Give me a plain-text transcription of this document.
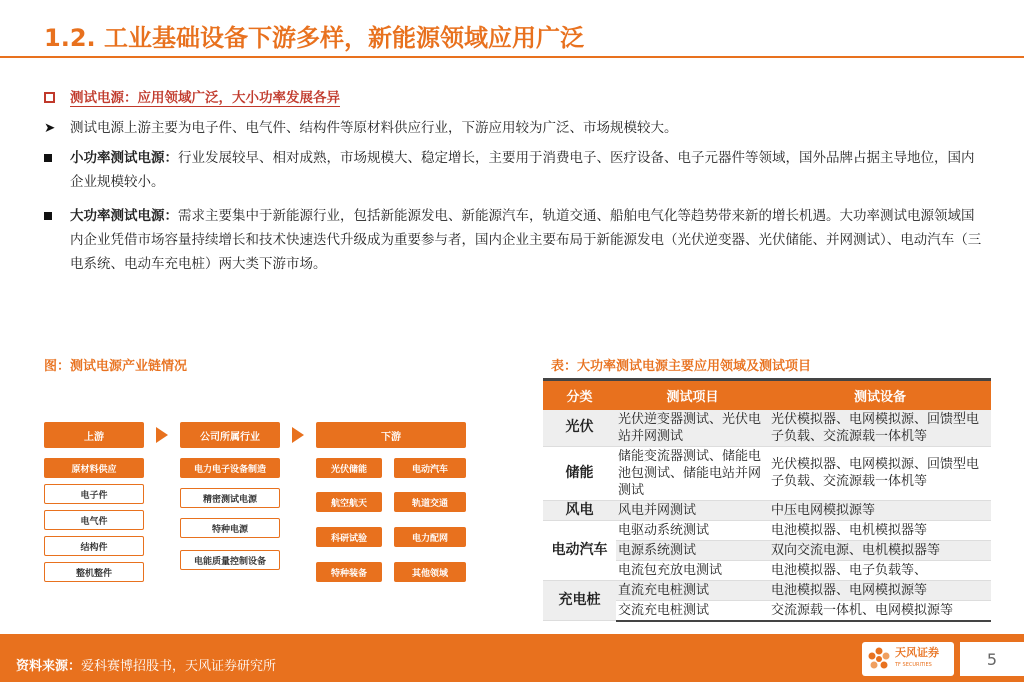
1.2. 工业基础设备下游多样，新能源领域应用广泛
测试电源：应用领域广泛，大小功率发展各异
➤	测试电源上游主要为电子件、电气件、结构件等原材料供应行业，下游应用较为广泛、市场规模较大。
小功率测试电源：行业发展较早、相对成熟，市场规模大、稳定增长，主要用于消费电子、医疗设备、电子元器件等领域，国外品牌占据主导地位，国内企业规模较小。
大功率测试电源：需求主要集中于新能源行业，包括新能源发电、新能源汽车，轨道交通、船舶电气化等趋势带来新的增长机遇。大功率测试电源领域国内企业凭借市场容量持续增长和技术快速迭代升级成为重要参与者，国内企业主要布局于新能源发电（光伏逆变器、光伏储能、并网测试）、电动汽车（三电系统、电动车充电桩）两大类下游市场。
图：测试电源产业链情况	表：大功率测试电源主要应用领域及测试项目
上游
原材料供应
电子件
电气件
结构件
整机整件
公司所属行业
电力电子设备制造
精密测试电源
特种电源
电能质量控制设备
下游
光伏储能	电动汽车
航空航天	轨道交通
科研试验	电力配网
特种装备	其他领域
分类	测试项目	测试设备
光伏	光伏逆变器测试、光伏电站并网测试	光伏模拟器、电网模拟源、回馈型电子负载、交流源载一体机等
储能	储能变流器测试、储能电池包测试、储能电站并网测试	光伏模拟器、电网模拟源、回馈型电子负载、交流源载一体机等
风电	风电并网测试	中压电网模拟源等
电动汽车	电驱动系统测试	电池模拟器、电机模拟器等
	电源系统测试	双向交流电源、电机模拟器等
	电流包充放电测试	电池模拟器、电子负载等、
充电桩	直流充电桩测试	电池模拟器、电网模拟源等
	交流充电桩测试	交流源载一体机、电网模拟源等
资料来源：爱科赛博招股书，天风证券研究所
天风证券
TF SECURITIES	5
